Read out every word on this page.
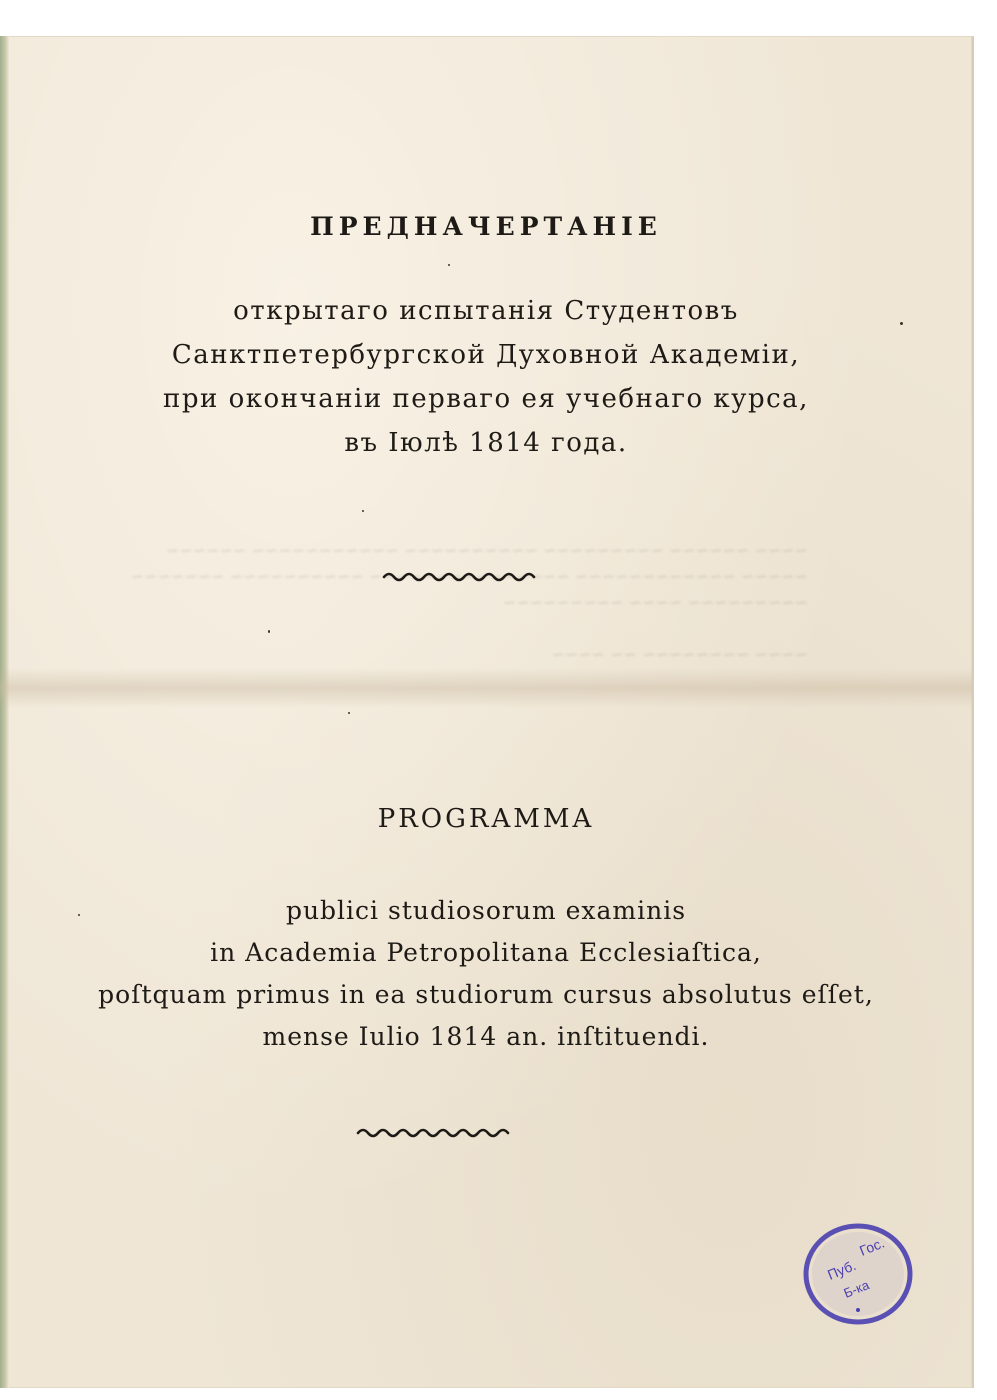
~~~~ ~~~~~~ ~~~~~~~~~ ~~~~~~~~~~ ~~~~~~~~~~~ ~~~~~~
~~~~~ ~~~~~~~~~~~~ ~~~~~~~~~~~~~~~ ~~~~~~~~~~ ~~~~~~~
~~~~~~~~~ ~~~~ ~~~~~~~~~

~~~~ ~~~~~~~~ ~~ ~~~~
ПРЕДНАЧЕРТАНІЕ
открытаго испытанія Студентовъ
Санктпетербургской Духовной Академіи,
при окончаніи перваго ея учебнаго курса,
въ Іюлѣ 1814 года.
PROGRAMMA
publici studiosorum examinis
in Academia Petropolitana Ecclesiaſtica,
poſtquam primus in ea studiorum cursus absolutus eſſet,
mense Iulio 1814 an. inſtituendi.
Гос.
Пуб.
Б-ка
